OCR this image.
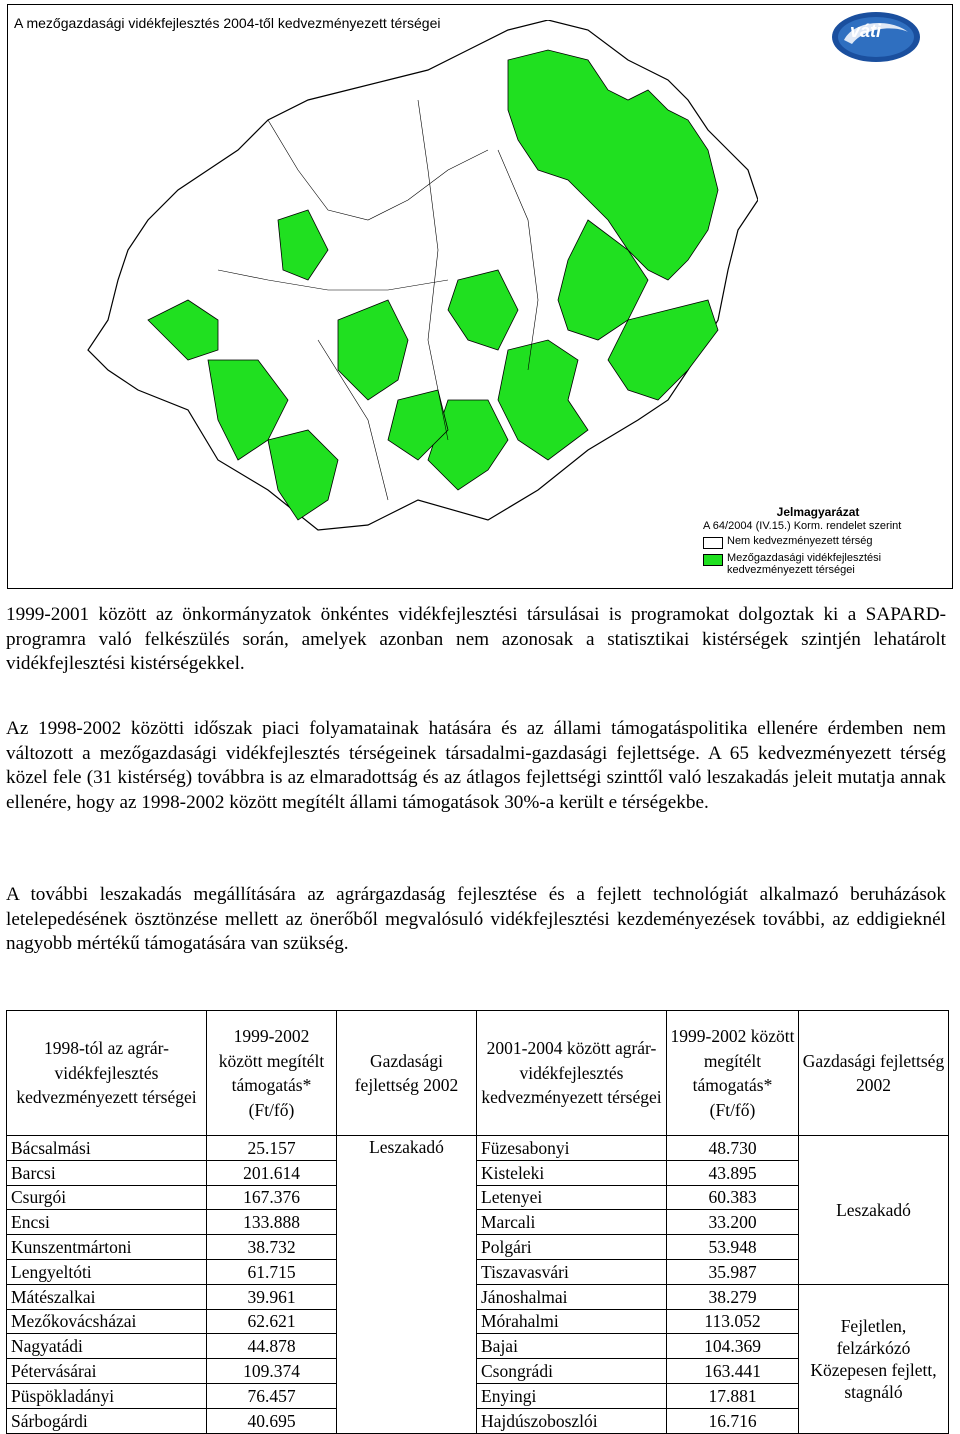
A mezőgazdasági vidékfejlesztés 2004-től kedvezményezett térségei	váti
Jelmagyarázat
A 64/2004 (IV.15.) Korm. rendelet szerint
Nem kedvezményezett térség
Mezőgazdasági vidékfejlesztési kedvezményezett térségei

1999-2001 között az önkormányzatok önkéntes vidékfejlesztési társulásai is programokat dolgoztak ki a SAPARD-programra való felkészülés során, amelyek azonban nem azonosak a statisztikai kistérségek szintjén lehatárolt vidékfejlesztési kistérségekkel.

Az 1998-2002 közötti időszak piaci folyamatainak hatására és az állami támogatáspolitika ellenére érdemben nem változott a mezőgazdasági vidékfejlesztés térségeinek társadalmi-gazdasági fejlettsége. A 65 kedvezményezett térség közel fele (31 kistérség) továbbra is az elmaradottság és az átlagos fejlettségi szinttől való leszakadás jeleit mutatja annak ellenére, hogy az 1998-2002 között megítélt állami támogatások 30%-a került e térségekbe.

A további leszakadás megállítására az agrárgazdaság fejlesztése és a fejlett technológiát alkalmazó beruházások letelepedésének ösztönzése mellett az önerőből megvalósuló vidékfejlesztési kezdeményezések további, az eddigieknél nagyobb mértékű támogatására van szükség.

1998-tól az agrár-vidékfejlesztés kedvezményezett térségei	1999-2002 között megítélt támogatás* (Ft/fő)	Gazdasági fejlettség 2002	2001-2004 között agrár-vidékfejlesztés kedvezményezett térségei	1999-2002 között megítélt támogatás* (Ft/fő)	Gazdasági fejlettség 2002
Bácsalmási	25.157	Leszakadó	Füzesabonyi	48.730	Leszakadó
Barcsi	201.614		Kisteleki	43.895	
Csurgói	167.376		Letenyei	60.383	
Encsi	133.888		Marcali	33.200	
Kunszentmártoni	38.732		Polgári	53.948	
Lengyeltóti	61.715		Tiszavasvári	35.987	
Mátészalkai	39.961		Jánoshalmai	38.279	Fejletlen, felzárkózó
Közepesen fejlett, stagnáló

Mezőkovácsházai	62.621		Mórahalmi	113.052	
Nagyatádi	44.878		Bajai	104.369	
Pétervásárai	109.374		Csongrádi	163.441	
Püspökladányi	76.457		Enyingi	17.881	
Sárbogárdi	40.695		Hajdúszoboszlói	16.716	
